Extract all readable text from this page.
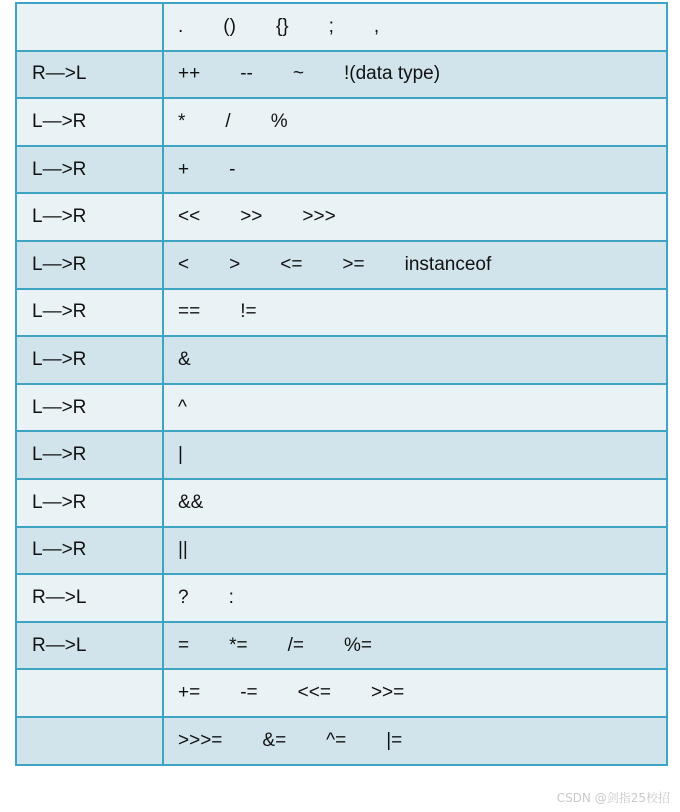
	. () {} ; ,
R—>L	++ -- ~ !(data type)
L—>R	* / %
L—>R	+ -
L—>R	<< >> >>>
L—>R	< > <= >= instanceof
L—>R	== !=
L—>R	&
L—>R	^
L—>R	|
L—>R	&&
L—>R	||
R—>L	? :
R—>L	= *= /= %=
	+= -= <<= >>=
	>>>= &= ^= |=
CSDN @剑指25校招
